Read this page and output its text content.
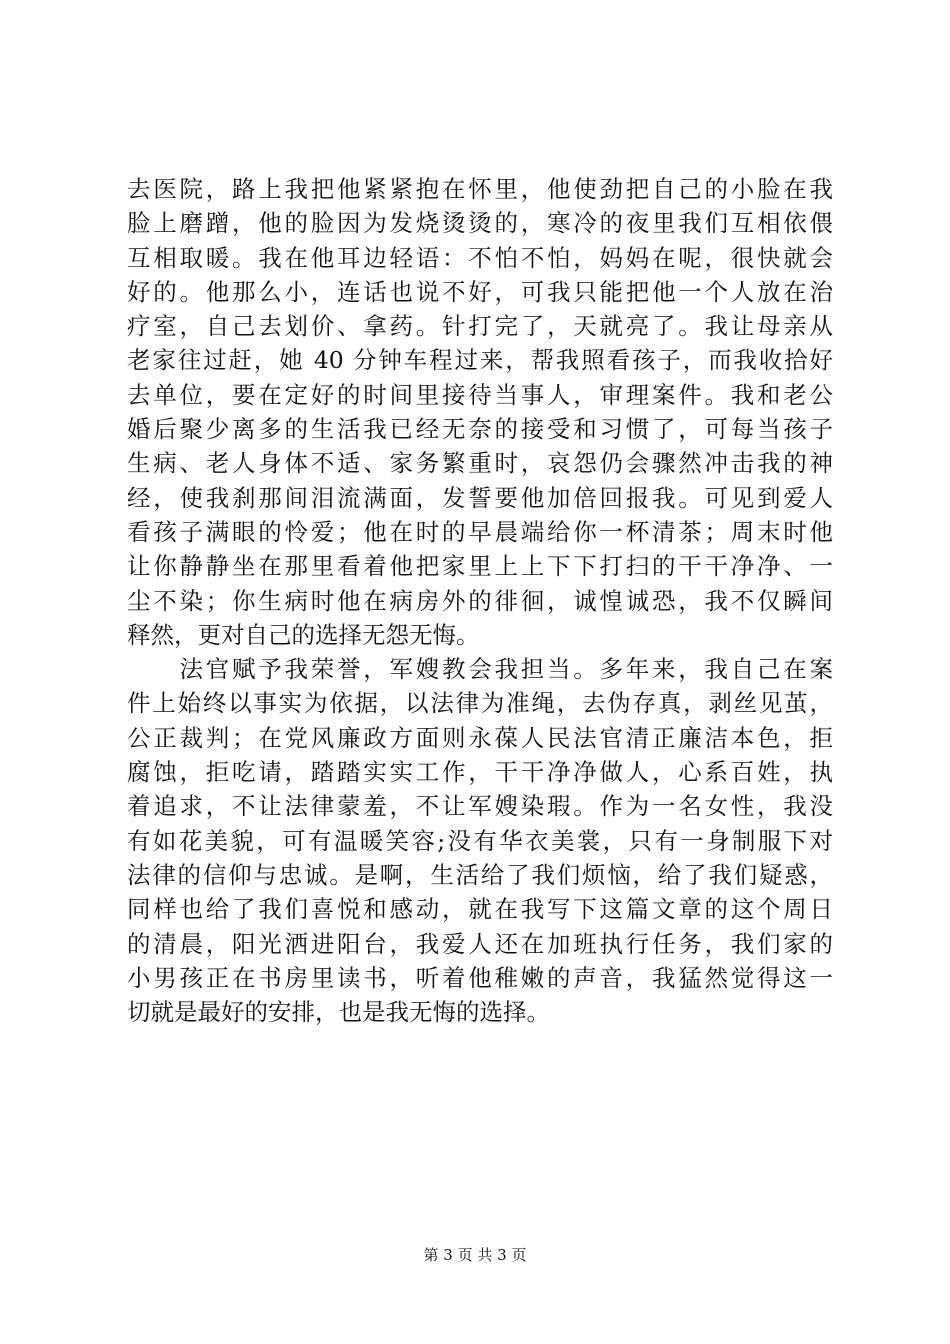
去医院，路上我把他紧紧抱在怀里，他使劲把自己的小脸在我
脸上磨蹭，他的脸因为发烧烫烫的，寒冷的夜里我们互相依偎
互相取暖。我在他耳边轻语：不怕不怕，妈妈在呢，很快就会
好的。他那么小，连话也说不好，可我只能把他一个人放在治
疗室，自己去划价、拿药。针打完了，天就亮了。我让母亲从
老家往过赶，她 40 分钟车程过来，帮我照看孩子，而我收拾好
去单位，要在定好的时间里接待当事人，审理案件。我和老公
婚后聚少离多的生活我已经无奈的接受和习惯了，可每当孩子
生病、老人身体不适、家务繁重时，哀怨仍会骤然冲击我的神
经，使我刹那间泪流满面，发誓要他加倍回报我。可见到爱人
看孩子满眼的怜爱；他在时的早晨端给你一杯清茶；周末时他
让你静静坐在那里看着他把家里上上下下打扫的干干净净、一
尘不染；你生病时他在病房外的徘徊，诚惶诚恐，我不仅瞬间
释然，更对自己的选择无怨无悔。
　　法官赋予我荣誉，军嫂教会我担当。多年来，我自己在案
件上始终以事实为依据，以法律为准绳，去伪存真，剥丝见茧，
公正裁判；在党风廉政方面则永葆人民法官清正廉洁本色，拒
腐蚀，拒吃请，踏踏实实工作，干干净净做人，心系百姓，执
着追求，不让法律蒙羞，不让军嫂染瑕。作为一名女性，我没
有如花美貌，可有温暖笑容;没有华衣美裳，只有一身制服下对
法律的信仰与忠诚。是啊，生活给了我们烦恼，给了我们疑惑，
同样也给了我们喜悦和感动，就在我写下这篇文章的这个周日
的清晨，阳光洒进阳台，我爱人还在加班执行任务，我们家的
小男孩正在书房里读书，听着他稚嫩的声音，我猛然觉得这一
切就是最好的安排，也是我无悔的选择。
第 3 页 共 3 页
